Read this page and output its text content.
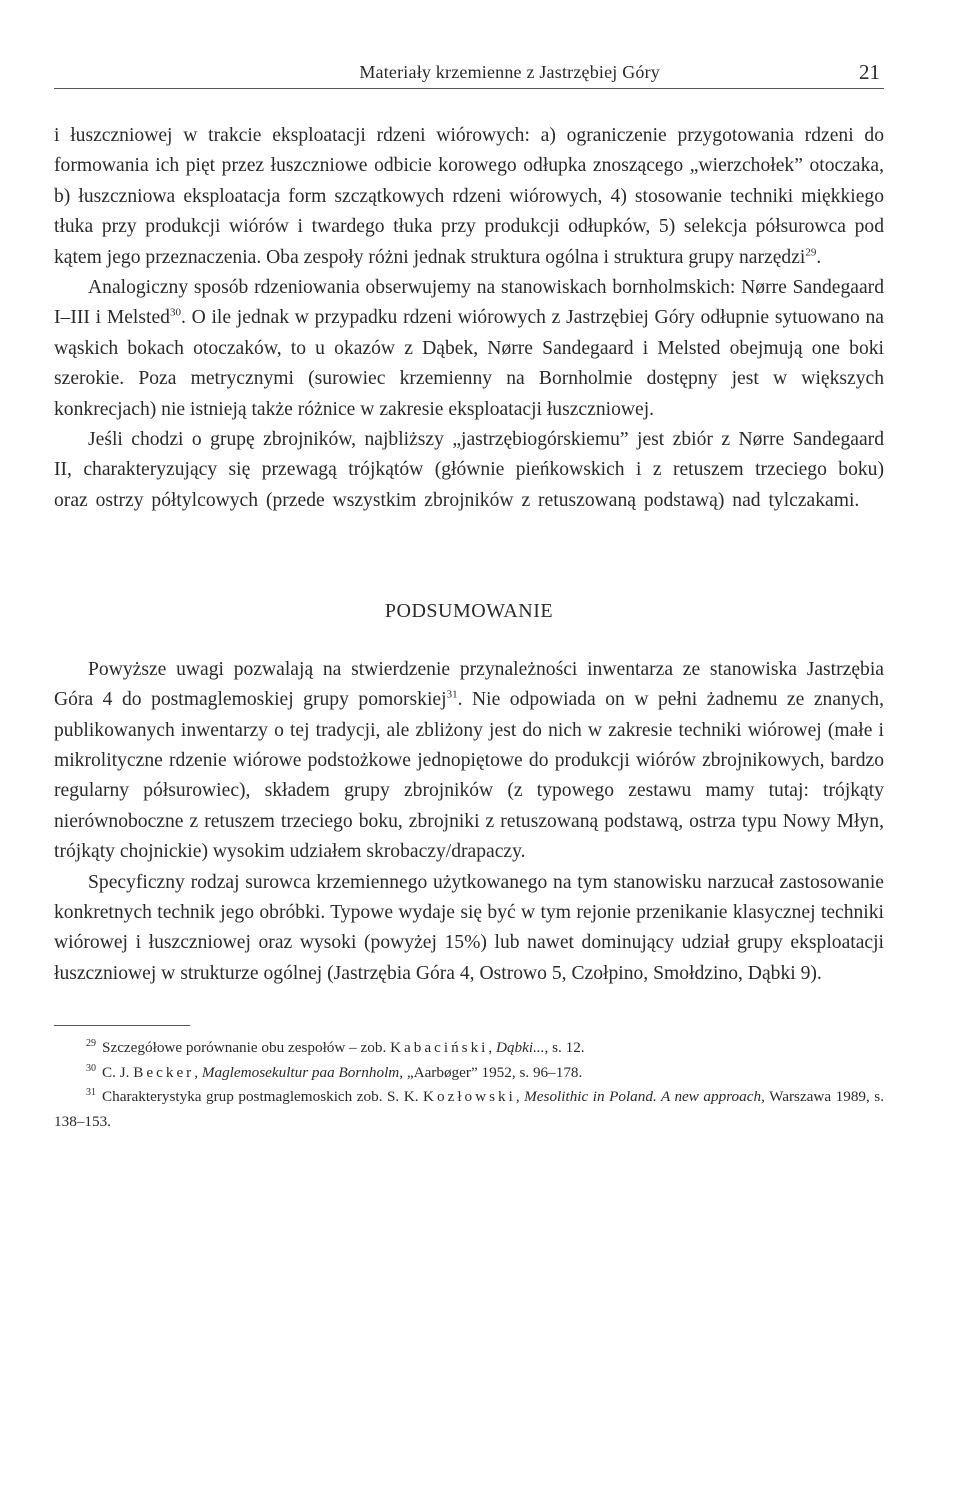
Materiały krzemienne z Jastrzębiej Góry	21

i łuszczniowej w trakcie eksploatacji rdzeni wiórowych: a) ograniczenie przygotowania rdzeni do formowania ich pięt przez łuszczniowe odbicie korowego odłupka znoszącego „wierzchołek” otoczaka, b) łuszczniowa eksploatacja form szczątkowych rdzeni wiórowych, 4) stosowanie techniki miękkiego tłuka przy produkcji wiórów i twardego tłuka przy produkcji odłupków, 5) selekcja półsurowca pod kątem jego przeznaczenia. Oba zespoły różni jednak struktura ogólna i struktura grupy narzędzi$^{29}$.

Analogiczny sposób rdzeniowania obserwujemy na stanowiskach bornholmskich: Nørre Sandegaard I–III i Melsted$^{30}$. O ile jednak w przypadku rdzeni wiórowych z Jastrzębiej Góry odłupnie sytuowano na wąskich bokach otoczaków, to u okazów z Dąbek, Nørre Sandegaard i Melsted obejmują one boki szerokie. Poza metrycznymi (surowiec krzemienny na Bornholmie dostępny jest w większych konkrecjach) nie istnieją także różnice w zakresie eksploatacji łuszczniowej.

Jeśli chodzi o grupę zbrojników, najbliższy „jastrzębiogórskiemu” jest zbiór z Nørre Sandegaard II, charakteryzujący się przewagą trójkątów (głównie pieńkowskich i z retuszem trzeciego boku) oraz ostrzy półtylcowych (przede wszystkim zbrojników z retuszowaną podstawą) nad tylczakami.

PODSUMOWANIE

Powyższe uwagi pozwalają na stwierdzenie przynależności inwentarza ze stanowiska Jastrzębia Góra 4 do postmaglemoskiej grupy pomorskiej$^{31}$. Nie odpowiada on w pełni żadnemu ze znanych, publikowanych inwentarzy o tej tradycji, ale zbliżony jest do nich w zakresie techniki wiórowej (małe i mikrolityczne rdzenie wiórowe podstożkowe jednopiętowe do produkcji wiórów zbrojnikowych, bardzo regularny półsurowiec), składem grupy zbrojników (z typowego zestawu mamy tutaj: trójkąty nierównoboczne z retuszem trzeciego boku, zbrojniki z retuszowaną podstawą, ostrza typu Nowy Młyn, trójkąty chojnickie) wysokim udziałem skrobaczy/drapaczy.

Specyficzny rodzaj surowca krzemiennego użytkowanego na tym stanowisku narzucał zastosowanie konkretnych technik jego obróbki. Typowe wydaje się być w tym rejonie przenikanie klasycznej techniki wiórowej i łuszczniowej oraz wysoki (powyżej 15%) lub nawet dominujący udział grupy eksploatacji łuszczniowej w strukturze ogólnej (Jastrzębia Góra 4, Ostrowo 5, Czołpino, Smołdzino, Dąbki 9).

$^{29}$ Szczegółowe porównanie obu zespołów – zob. Kabaciński, Dąbki..., s. 12.

$^{30}$ C. J. Becker, Maglemosekultur paa Bornholm, „Aarbøger” 1952, s. 96–178.

$^{31}$ Charakterystyka grup postmaglemoskich zob. S. K. Kozłowski, Mesolithic in Poland. A new approach, Warszawa 1989, s. 138–153.
